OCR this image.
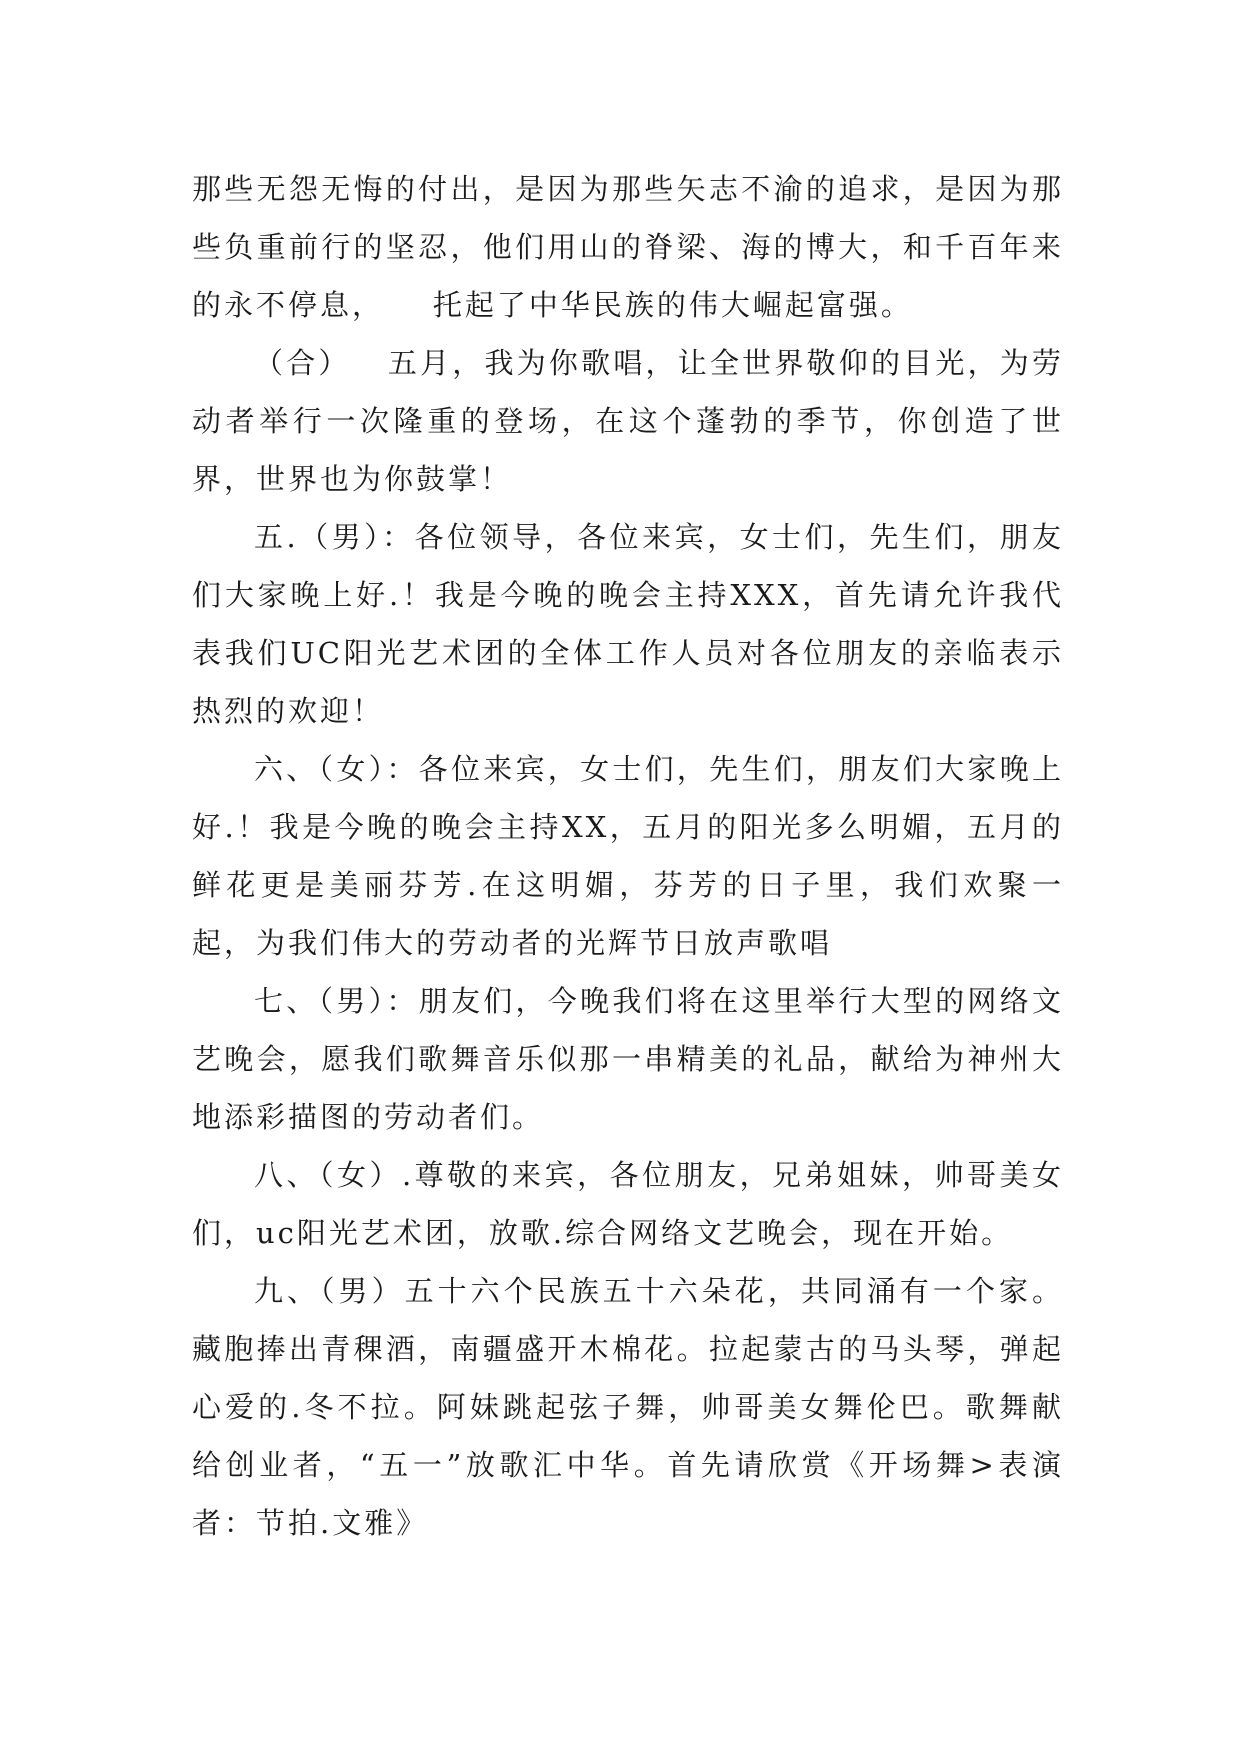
那些无怨无悔的付出，是因为那些矢志不渝的追求，是因为那些负重前行的坚忍，他们用山的脊梁、海的博大，和千百年来的永不停息，    托起了中华民族的伟大崛起富强。

（合）   五月，我为你歌唱，让全世界敬仰的目光，为劳动者举行一次隆重的登场，在这个蓬勃的季节，你创造了世界，世界也为你鼓掌！

五.（男）：各位领导，各位来宾，女士们，先生们，朋友们大家晚上好.！我是今晚的晚会主持XXX，首先请允许我代表我们UC阳光艺术团的全体工作人员对各位朋友的亲临表示热烈的欢迎！

六、（女）：各位来宾，女士们，先生们，朋友们大家晚上好.！我是今晚的晚会主持XX，五月的阳光多么明媚，五月的鲜花更是美丽芬芳.在这明媚，芬芳的日子里，我们欢聚一起，为我们伟大的劳动者的光辉节日放声歌唱

七、（男）：朋友们，今晚我们将在这里举行大型的网络文艺晚会，愿我们歌舞音乐似那一串精美的礼品，献给为神州大地添彩描图的劳动者们。

八、（女）.尊敬的来宾，各位朋友，兄弟姐妹，帅哥美女们，uc阳光艺术团，放歌.综合网络文艺晚会，现在开始。

九、（男）五十六个民族五十六朵花，共同涌有一个家。藏胞捧出青稞酒，南疆盛开木棉花。拉起蒙古的马头琴，弹起心爱的.冬不拉。阿妹跳起弦子舞，帅哥美女舞伦巴。歌舞献给创业者，“五一”放歌汇中华。首先请欣赏《开场舞>表演者：节拍.文雅》
